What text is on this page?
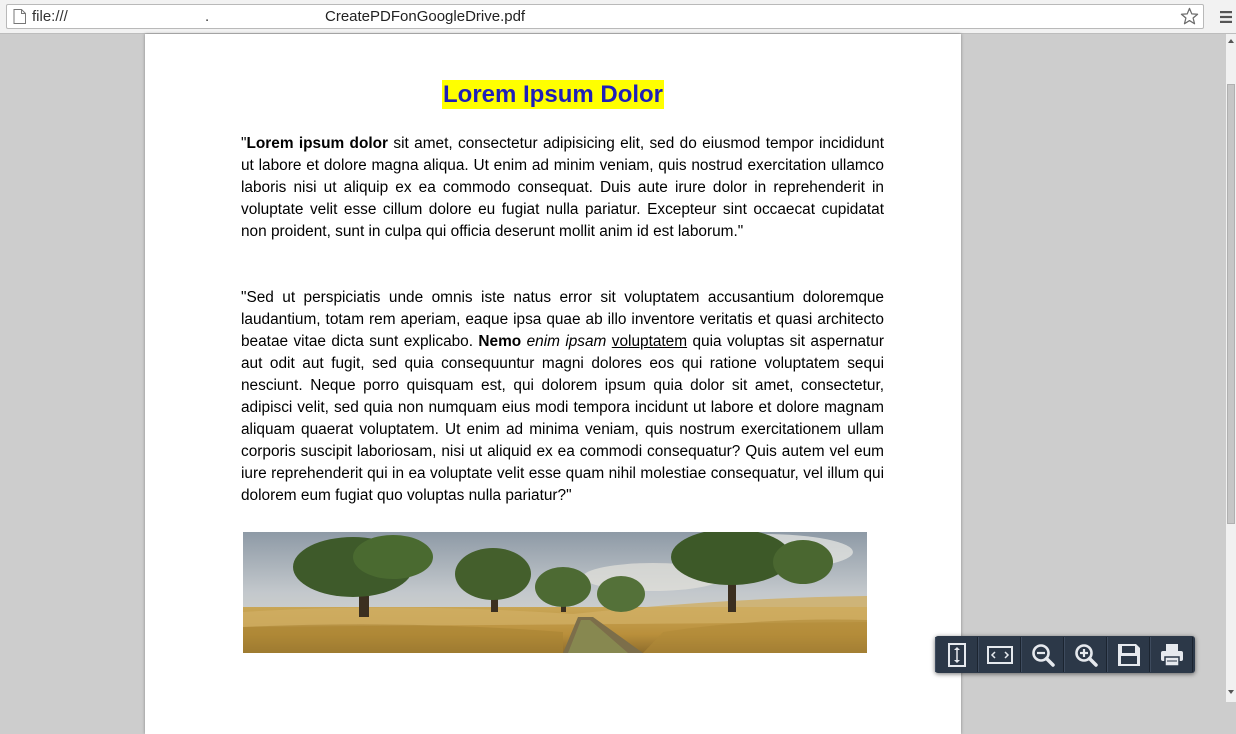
file:///	.	CreatePDFonGoogleDrive.pdf
Lorem Ipsum Dolor

"Lorem ipsum dolor sit amet, consectetur adipisicing elit, sed do eiusmod tempor incididunt ut labore et dolore magna aliqua. Ut enim ad minim veniam, quis nostrud exercitation ullamco laboris nisi ut aliquip ex ea commodo consequat. Duis aute irure dolor in reprehenderit in voluptate velit esse cillum dolore eu fugiat nulla pariatur. Excepteur sint occaecat cupidatat non proident, sunt in culpa qui officia deserunt mollit anim id est laborum."

"Sed ut perspiciatis unde omnis iste natus error sit voluptatem accusantium doloremque laudantium, totam rem aperiam, eaque ipsa quae ab illo inventore veritatis et quasi architecto beatae vitae dicta sunt explicabo. Nemo enim ipsam voluptatem quia voluptas sit aspernatur aut odit aut fugit, sed quia consequuntur magni dolores eos qui ratione voluptatem sequi nesciunt. Neque porro quisquam est, qui dolorem ipsum quia dolor sit amet, consectetur, adipisci velit, sed quia non numquam eius modi tempora incidunt ut labore et dolore magnam aliquam quaerat voluptatem. Ut enim ad minima veniam, quis nostrum exercitationem ullam corporis suscipit laboriosam, nisi ut aliquid ex ea commodi consequatur? Quis autem vel eum iure reprehenderit qui in ea voluptate velit esse quam nihil molestiae consequatur, vel illum qui dolorem eum fugiat quo voluptas nulla pariatur?"
